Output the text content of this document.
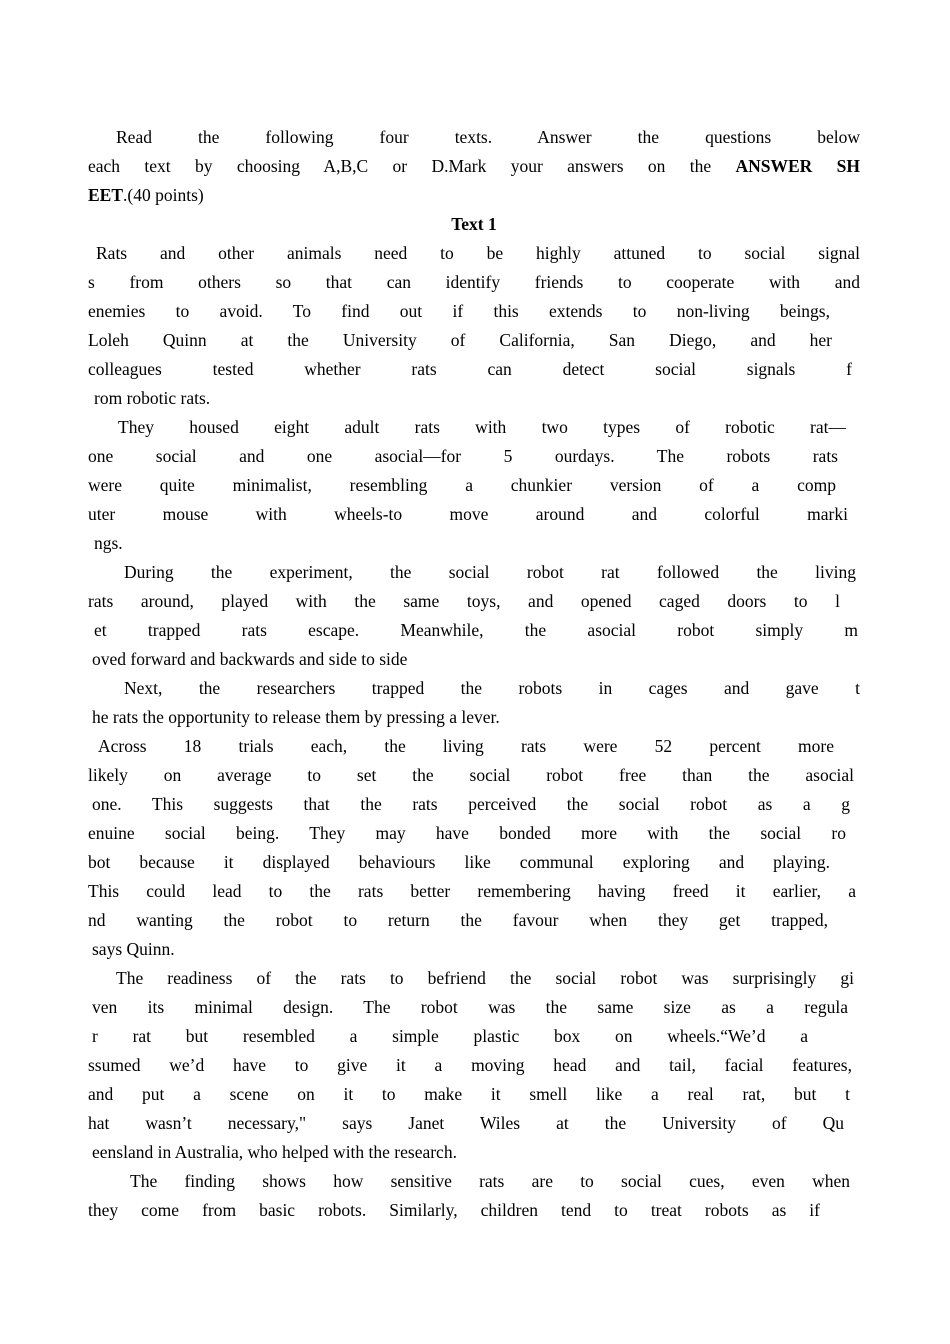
Read the following four texts. Answer the questions below
each text by choosing A,B,C or D.Mark your answers on the ANSWER SH
EET.(40 points)
Text 1
Rats and other animals need to be highly attuned to social signal
s from others so that can identify friends to cooperate with and
enemies to avoid. To find out if this extends to non-living beings,
Loleh Quinn at the University of California, San Diego, and her
colleagues tested whether rats can detect social signals f
rom robotic rats.
They housed eight adult rats with two types of robotic rat—
one social and one asocial—for 5 ourdays. The robots rats
were quite minimalist, resembling a chunkier version of a comp
uter mouse with wheels-to move around and colorful marki
ngs.
During the experiment, the social robot rat followed the living
rats around, played with the same toys, and opened caged doors to l
et trapped rats escape. Meanwhile, the asocial robot simply m
oved forward and backwards and side to side
Next, the researchers trapped the robots in cages and gave t
he rats the opportunity to release them by pressing a lever.
Across 18 trials each, the living rats were 52 percent more
likely on average to set the social robot free than the asocial
one. This suggests that the rats perceived the social robot as a g
enuine social being. They may have bonded more with the social ro
bot because it displayed behaviours like communal exploring and playing.
This could lead to the rats better remembering having freed it earlier, a
nd wanting the robot to return the favour when they get trapped,
says Quinn.
The readiness of the rats to befriend the social robot was surprisingly gi
ven its minimal design. The robot was the same size as a regula
r rat but resembled a simple plastic box on wheels.“We’d a
ssumed we’d have to give it a moving head and tail, facial features,
and put a scene on it to make it smell like a real rat, but t
hat wasn’t necessary," says Janet Wiles at the University of Qu
eensland in Australia, who helped with the research.
The finding shows how sensitive rats are to social cues, even when
they come from basic robots. Similarly, children tend to treat robots as if
